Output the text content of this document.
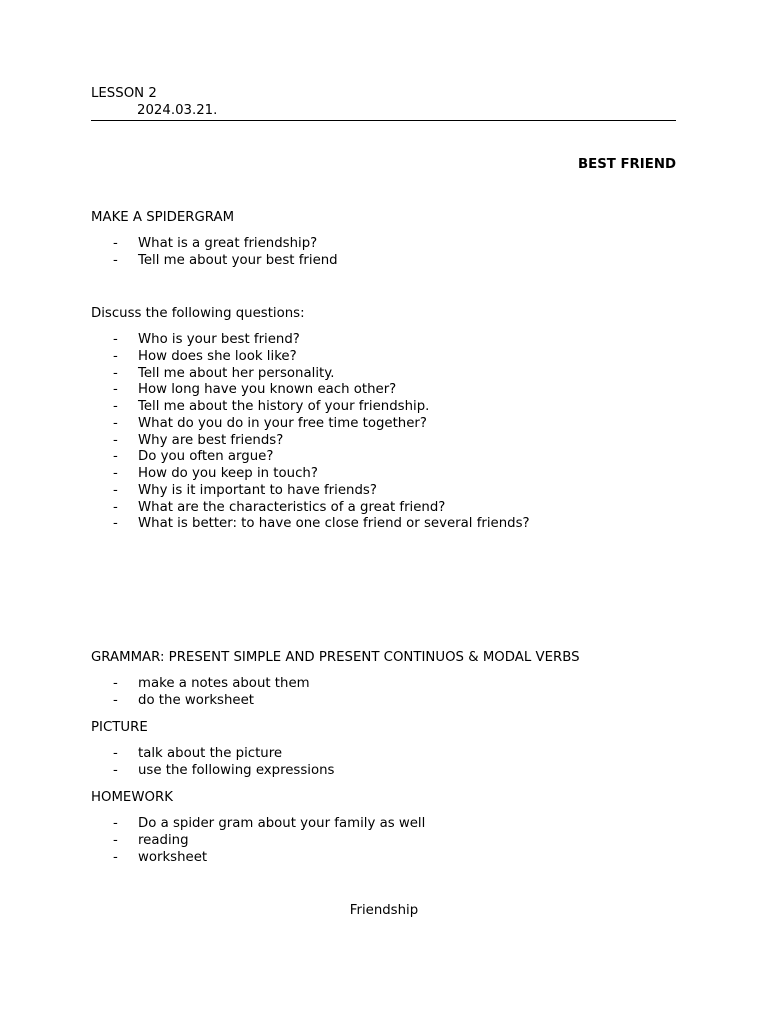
LESSON 2
2024.03.21.
BEST FRIEND
MAKE A SPIDERGRAM
- What is a great friendship?
- Tell me about your best friend
Discuss the following questions:
- Who is your best friend?
- How does she look like?
- Tell me about her personality.
- How long have you known each other?
- Tell me about the history of your friendship.
- What do you do in your free time together?
- Why are best friends?
- Do you often argue?
- How do you keep in touch?
- Why is it important to have friends?
- What are the characteristics of a great friend?
- What is better: to have one close friend or several friends?
GRAMMAR: PRESENT SIMPLE AND PRESENT CONTINUOS & MODAL VERBS
- make a notes about them
- do the worksheet
PICTURE
- talk about the picture
- use the following expressions
HOMEWORK
- Do a spider gram about your family as well
- reading
- worksheet
Friendship
